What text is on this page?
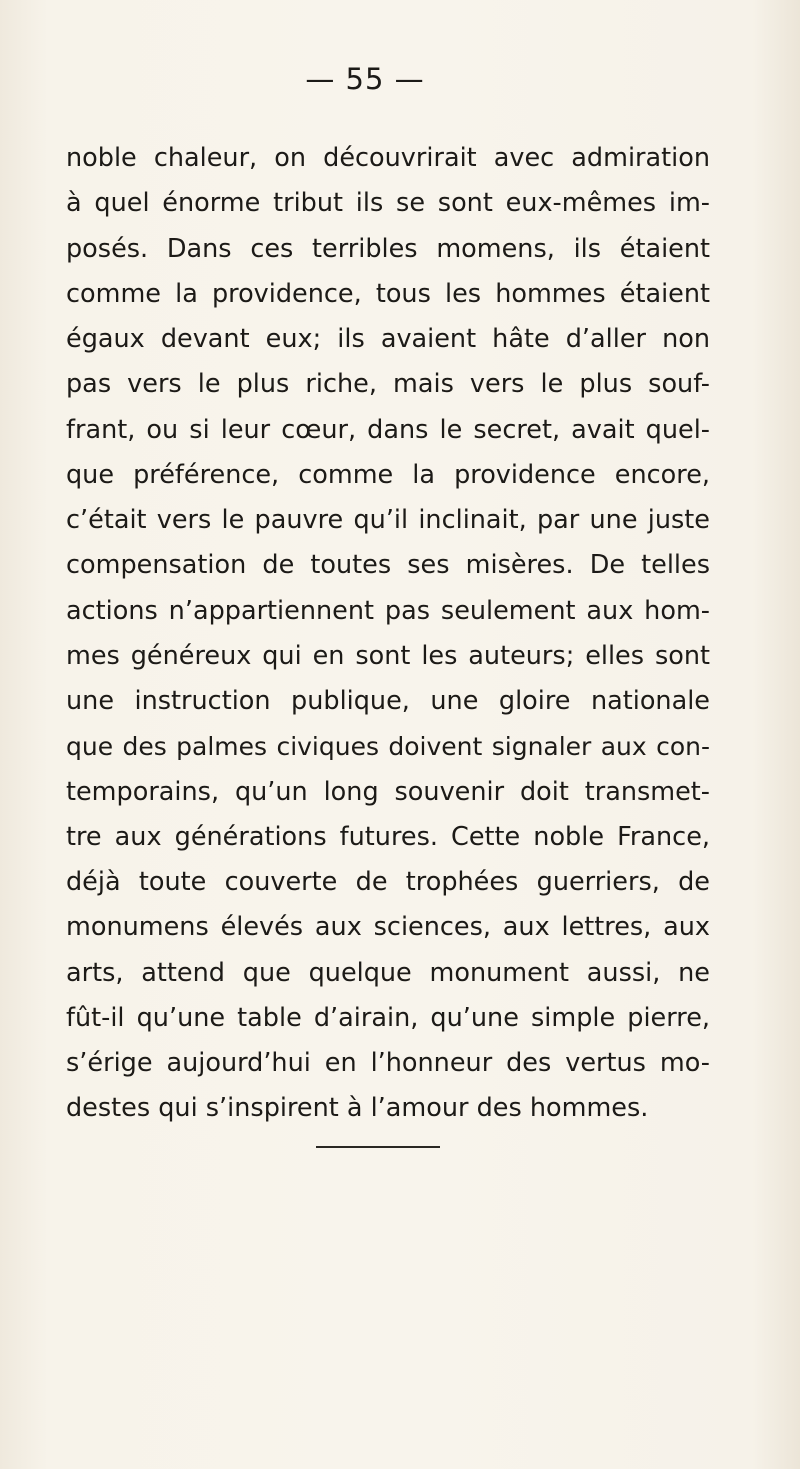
— 55 —
noble chaleur, on découvrirait avec admiration
à quel énorme tribut ils se sont eux-mêmes im-
posés. Dans ces terribles momens, ils étaient
comme la providence, tous les hommes étaient
égaux devant eux; ils avaient hâte d’aller non
pas vers le plus riche, mais vers le plus souf-
frant, ou si leur cœur, dans le secret, avait quel-
que préférence, comme la providence encore,
c’était vers le pauvre qu’il inclinait, par une juste
compensation de toutes ses misères. De telles
actions n’appartiennent pas seulement aux hom-
mes généreux qui en sont les auteurs; elles sont
une instruction publique, une gloire nationale
que des palmes civiques doivent signaler aux con-
temporains, qu’un long souvenir doit transmet-
tre aux générations futures. Cette noble France,
déjà toute couverte de trophées guerriers, de
monumens élevés aux sciences, aux lettres, aux
arts, attend que quelque monument aussi, ne
fût-il qu’une table d’airain, qu’une simple pierre,
s’érige aujourd’hui en l’honneur des vertus mo-
destes qui s’inspirent à l’amour des hommes.
